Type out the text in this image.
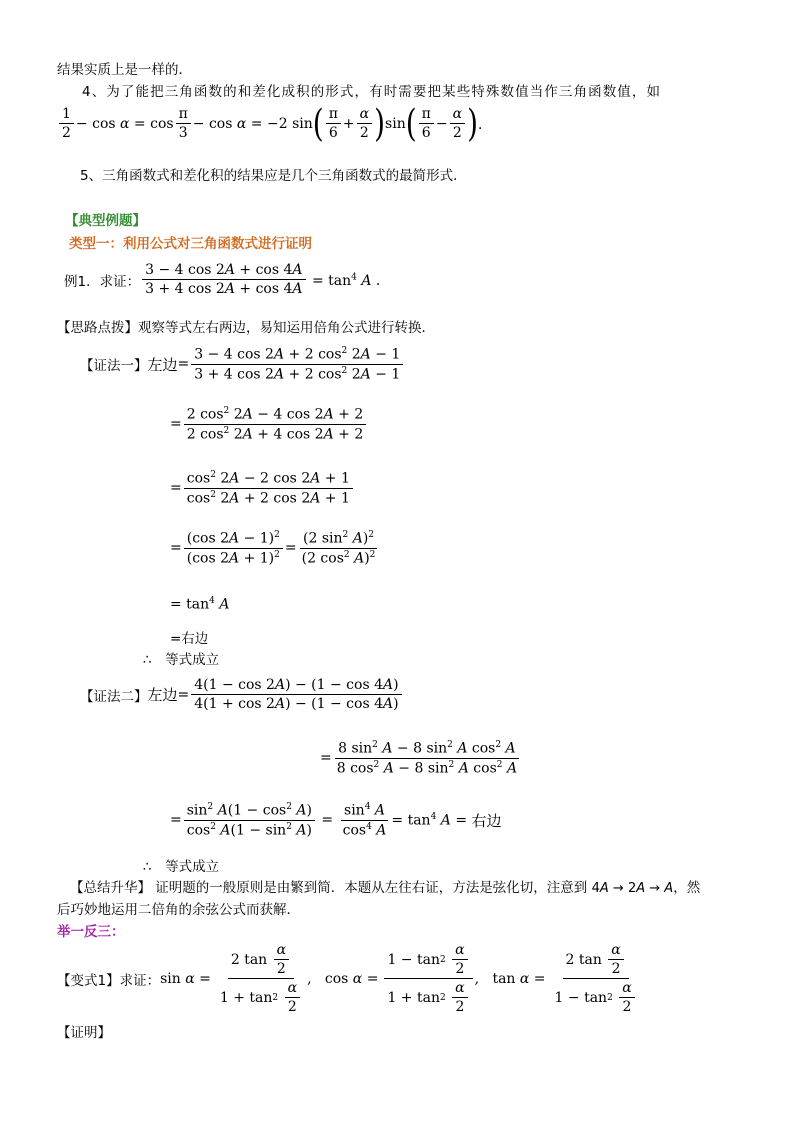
结果实质上是一样的．
4、为了能把三角函数的和差化成积的形式，有时需要把某些特殊数值当作三角函数值，如
$\frac{1}{2} - \cos \alpha = \cos \frac{\pi}{3} - \cos \alpha = -2$ sin ( $\frac{\pi}{6} + \frac{\alpha}{2}$ ) sin ( $\frac{\pi}{6} - \frac{\alpha}{2}$ ) ．
5、三角函数式和差化积的结果应是几个三角函数式的最简形式．
【典型例题】
类型一：利用公式对三角函数式进行证明
例1．求证： $\frac{3 - 4 \cos 2A + \cos 4A}{3 + 4 \cos 2A + \cos 4A} = \tan^4 A$ ．
【思路点拨】观察等式左右两边，易知运用倍角公式进行转换．
【证法一】 左边 = $\frac{3 - 4 \cos 2A + 2 \cos^2 2A - 1}{3 + 4 \cos 2A + 2 \cos^2 2A - 1}$
= $\frac{2 \cos^2 2A - 4 \cos 2A + 2}{2 \cos^2 2A + 4 \cos 2A + 2}$
= $\frac{\cos^2 2A - 2 \cos 2A + 1}{\cos^2 2A + 2 \cos 2A + 1}$
= $\frac{(\cos 2A - 1)^2}{(\cos 2A + 1)^2} = \frac{(2 \sin^2 A)^2}{(2 \cos^2 A)^2}$
= $\tan^4 A$
=右边
∴　等式成立
【证法二】 左边 = $\frac{4(1 - \cos 2A) - (1 - \cos 4A)}{4(1 + \cos 2A) - (1 - \cos 4A)}$
= $\frac{8 \sin^2 A - 8 \sin^2 A \cos^2 A}{8 \cos^2 A - 8 \sin^2 A \cos^2 A}$
= $\frac{\sin^2 A(1 - \cos^2 A)}{\cos^2 A(1 - \sin^2 A)} = \frac{\sin^4 A}{\cos^4 A} = \tan^4 A$ = 右边
∴　等式成立
【总结升华】 证明题的一般原则是由繁到简．本题从左往右证，方法是弦化切，注意到 4A → 2A → A，然
后巧妙地运用二倍角的余弦公式而获解．
举一反三：
【变式1】求证： sin α = 2 $\tan \frac{\alpha}{2}$
1 + tan 2
$\frac{\alpha}{2}$ ,   cos α = 1 − tan 2
$\frac{\alpha}{2}$
1 + tan 2
$\frac{\alpha}{2}$ ,   tan α = 2 $\tan \frac{\alpha}{2}$
1 − tan 2
$\frac{\alpha}{2}$
【证明】
